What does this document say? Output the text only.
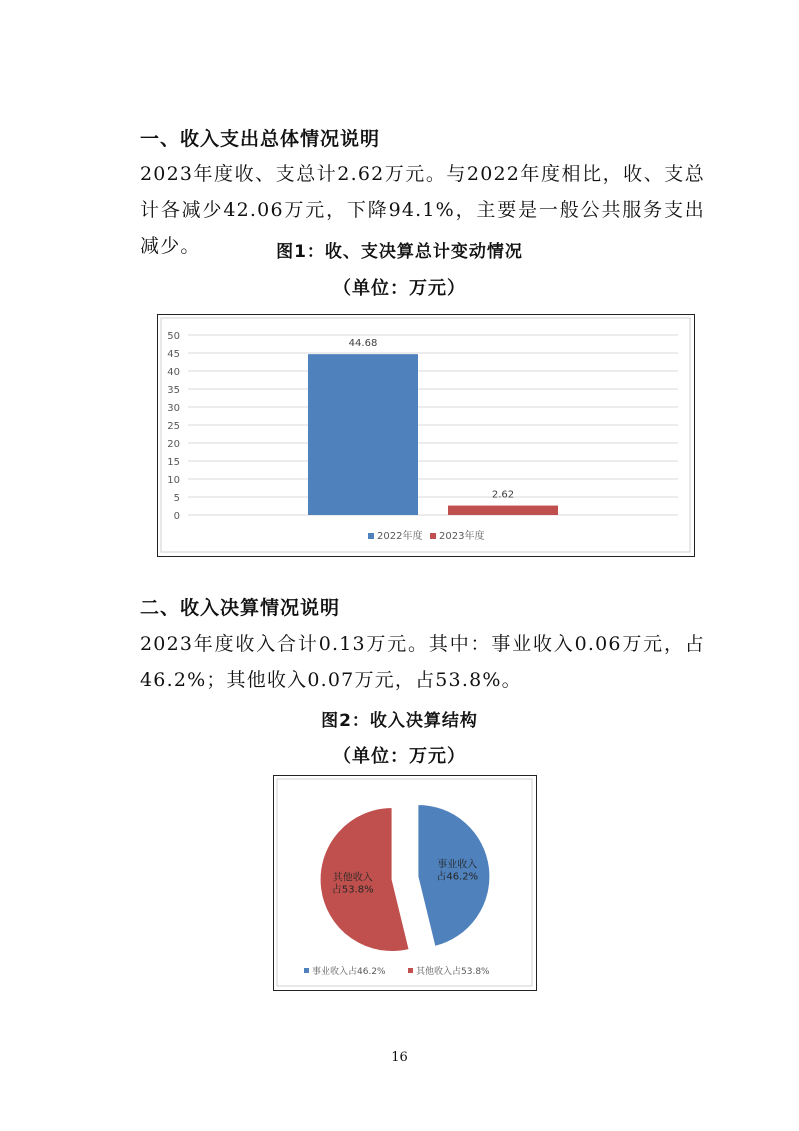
一、收入支出总体情况说明
2023年度收、支总计2.62万元。与2022年度相比，收、支总计各减少42.06万元，下降94.1%，主要是一般公共服务支出减少。	图1：收、支决算总计变动情况
（单位：万元）
0
5
10
15
20
25
30
35
40
45
50
44.68
2.62
2022年度 2023年度
二、收入决算情况说明
2023年度收入合计0.13万元。其中：事业收入0.06万元，占46.2%；其他收入0.07万元，占53.8%。
图2：收入决算结构
（单位：万元）
事业收入
占46.2%
其他收入
占53.8%
事业收入占46.2%	其他收入占53.8%
16
